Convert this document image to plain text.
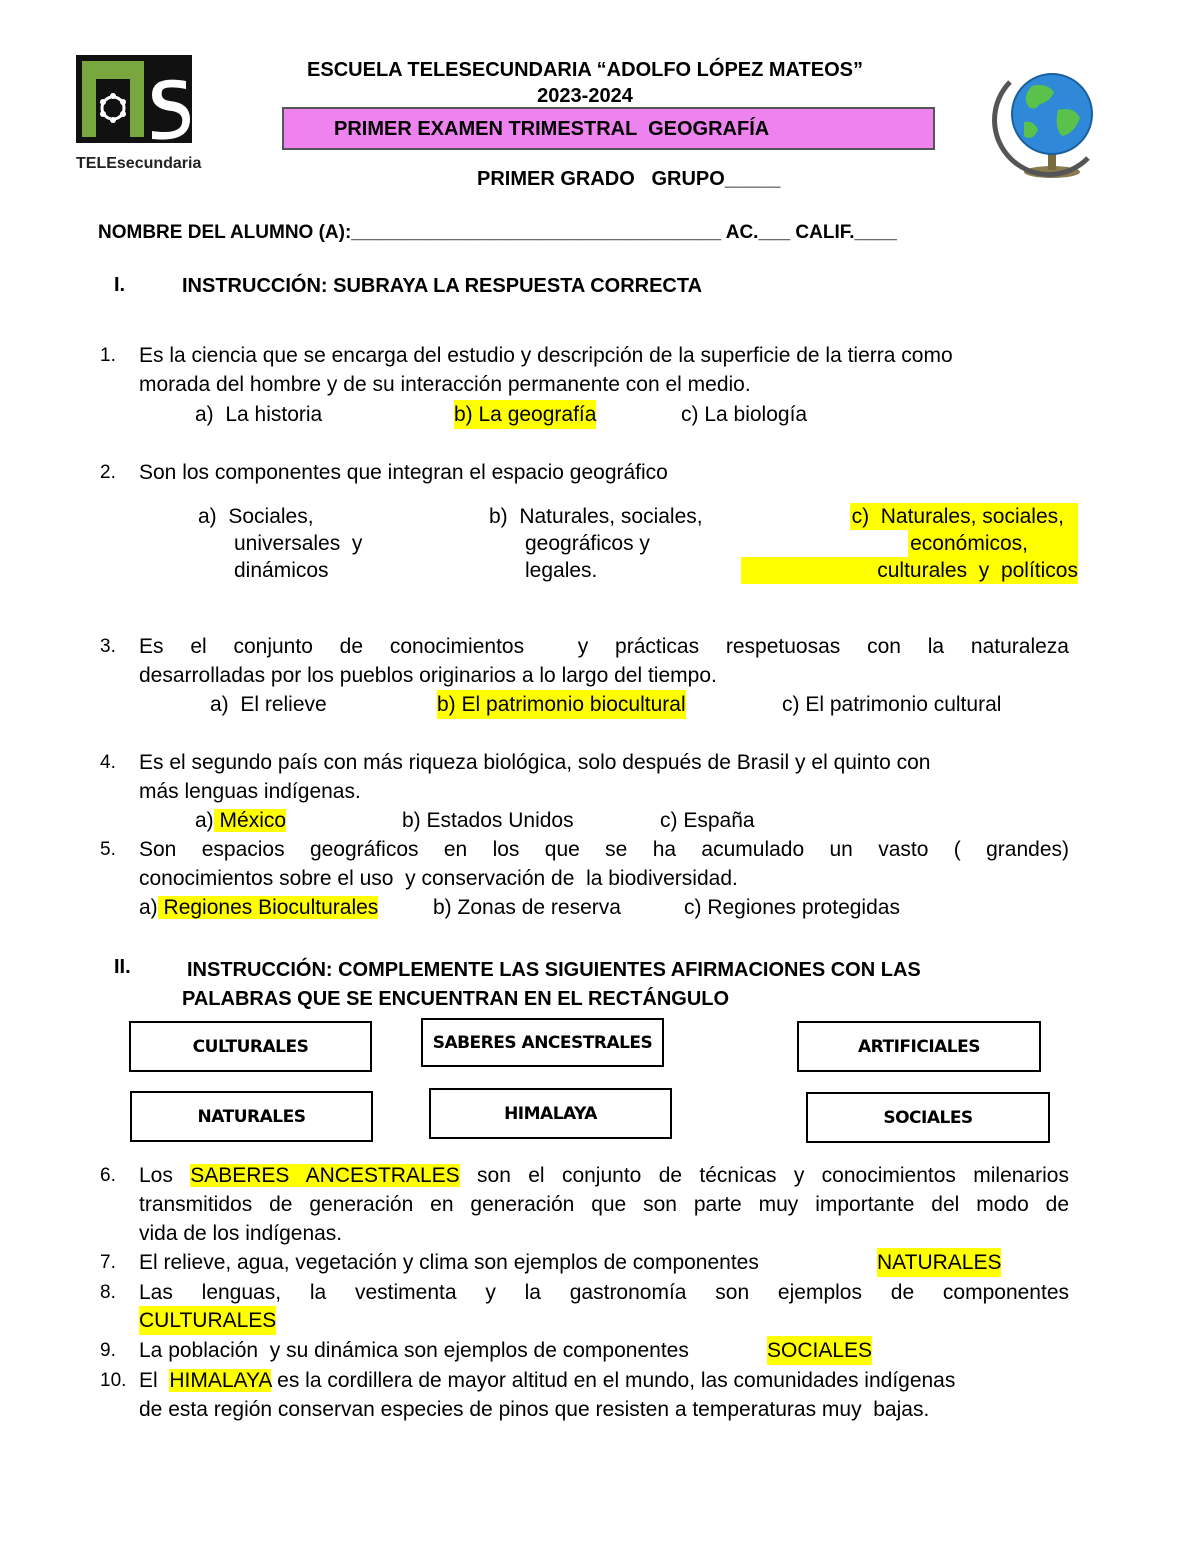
TELEsecundaria
ESCUELA TELESECUNDARIA “ADOLFO LÓPEZ MATEOS”
2023-2024
PRIMER EXAMEN TRIMESTRAL  GEOGRAFÍA
PRIMER GRADO   GRUPO_____
NOMBRE DEL ALUMNO (A):___________________________________ AC.___ CALIF.____
I.	INSTRUCCIÓN: SUBRAYA LA RESPUESTA CORRECTA
1. Es la ciencia que se encarga del estudio y descripción de la superficie de la tierra como
morada del hombre y de su interacción permanente con el medio.
a)  La historia	b) La geografía	c) La biología
2. Son los componentes que integran el espacio geográfico
a)  Sociales,
universales  y
dinámicos
b)  Naturales, sociales,
geográficos y
legales.
c)  Naturales, sociales,
económicos,
culturales  y  políticos
3. Es el conjunto de conocimientos  y prácticas respetuosas con la naturaleza
desarrolladas por los pueblos originarios a lo largo del tiempo.
a)  El relieve	b) El patrimonio biocultural	c) El patrimonio cultural
4. Es el segundo país con más riqueza biológica, solo después de Brasil y el quinto con
más lenguas indígenas.
a) México	b) Estados Unidos	c) España
5. Son espacios geográficos en los que se ha acumulado un vasto ( grandes)
conocimientos sobre el uso  y conservación de  la biodiversidad.
a) Regiones Bioculturales	b) Zonas de reserva	c) Regiones protegidas
II.	INSTRUCCIÓN: COMPLEMENTE LAS SIGUIENTES AFIRMACIONES CON LAS
PALABRAS QUE SE ENCUENTRAN EN EL RECTÁNGULO
CULTURALES	SABERES ANCESTRALES	ARTIFICIALES
NATURALES	HIMALAYA	SOCIALES
6. Los SABERES ANCESTRALES son el conjunto de técnicas y conocimientos milenarios
transmitidos de generación en generación que son parte muy importante del modo de
vida de los indígenas.
7. El relieve, agua, vegetación y clima son ejemplos de componentes	NATURALES
8. Las lenguas, la vestimenta y la gastronomía son ejemplos de componentes
CULTURALES
9. La población  y su dinámica son ejemplos de componentes	SOCIALES
10. El HIMALAYA es la cordillera de mayor altitud en el mundo, las comunidades indígenas
de esta región conservan especies de pinos que resisten a temperaturas muy  bajas.
